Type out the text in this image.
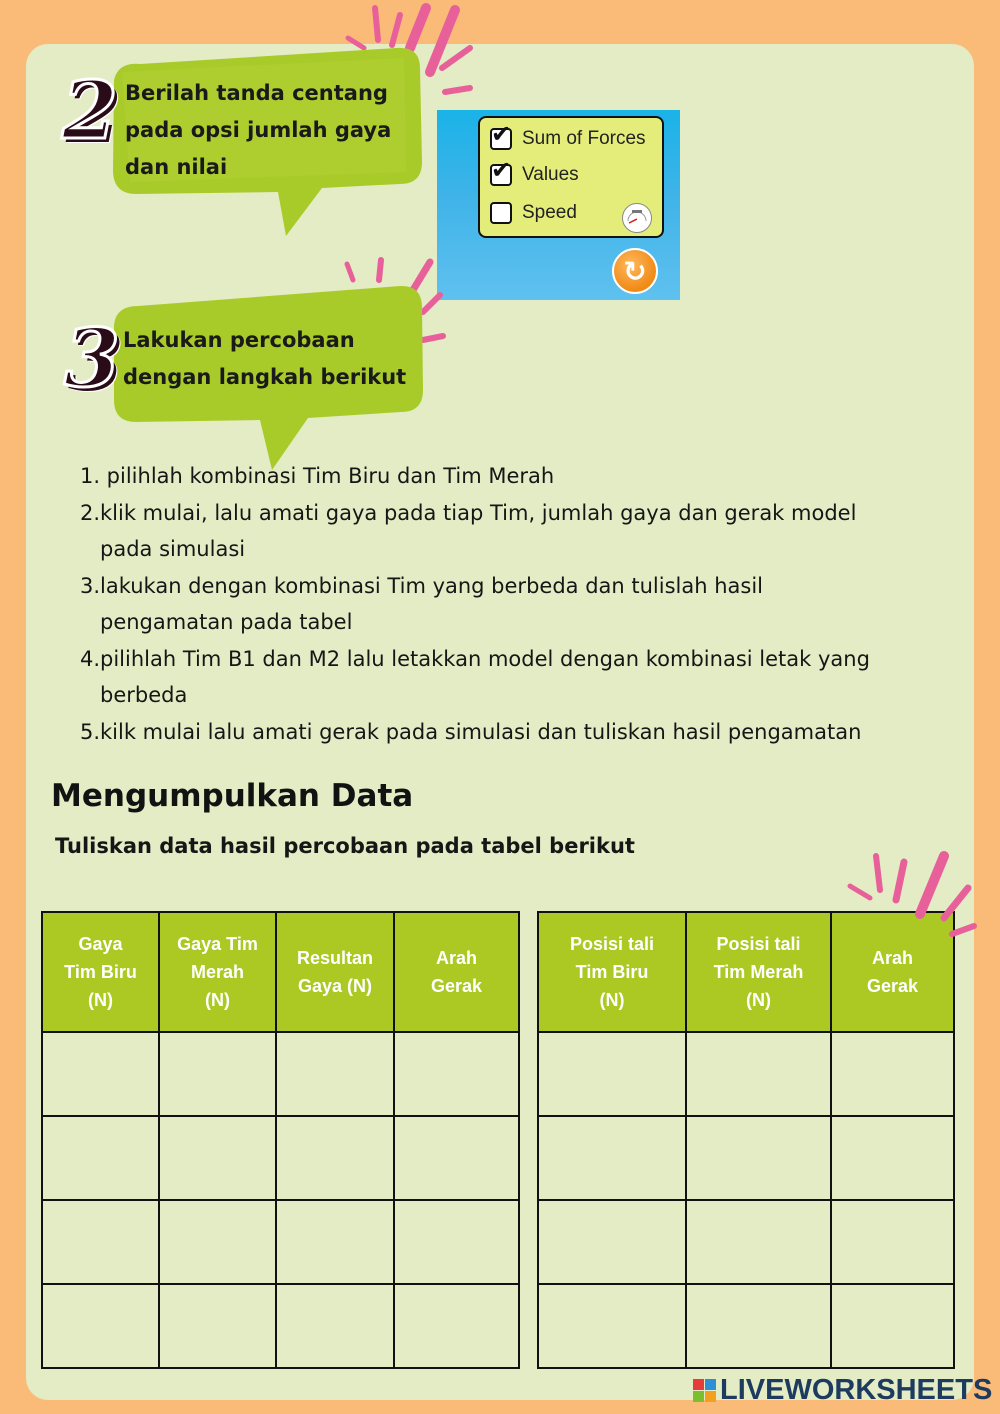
2 Berilah tanda centang
pada opsi jumlah gaya
dan nilai
✔ Sum of Forces
✔ Values
Speed
↻
3 Lakukan percobaan
dengan langkah berikut
1. pilihlah kombinasi Tim Biru dan Tim Merah
2. klik mulai, lalu amati gaya pada tiap Tim, jumlah gaya dan gerak model
pada simulasi
3. lakukan dengan kombinasi Tim yang berbeda dan tulislah hasil
pengamatan pada tabel
4. pilihlah Tim B1 dan M2 lalu letakkan model dengan kombinasi letak yang
berbeda
5. kilk mulai lalu amati gerak pada simulasi dan tuliskan hasil pengamatan
Mengumpulkan Data
Tuliskan data hasil percobaan pada tabel berikut
Gaya
Tim Biru
(N)	Gaya Tim
Merah
(N)	Resultan
Gaya (N)	Arah
Gerak

Posisi tali
Tim Biru
(N)	Posisi tali
Tim Merah
(N)	Arah
Gerak

LIVEWORKSHEETS
